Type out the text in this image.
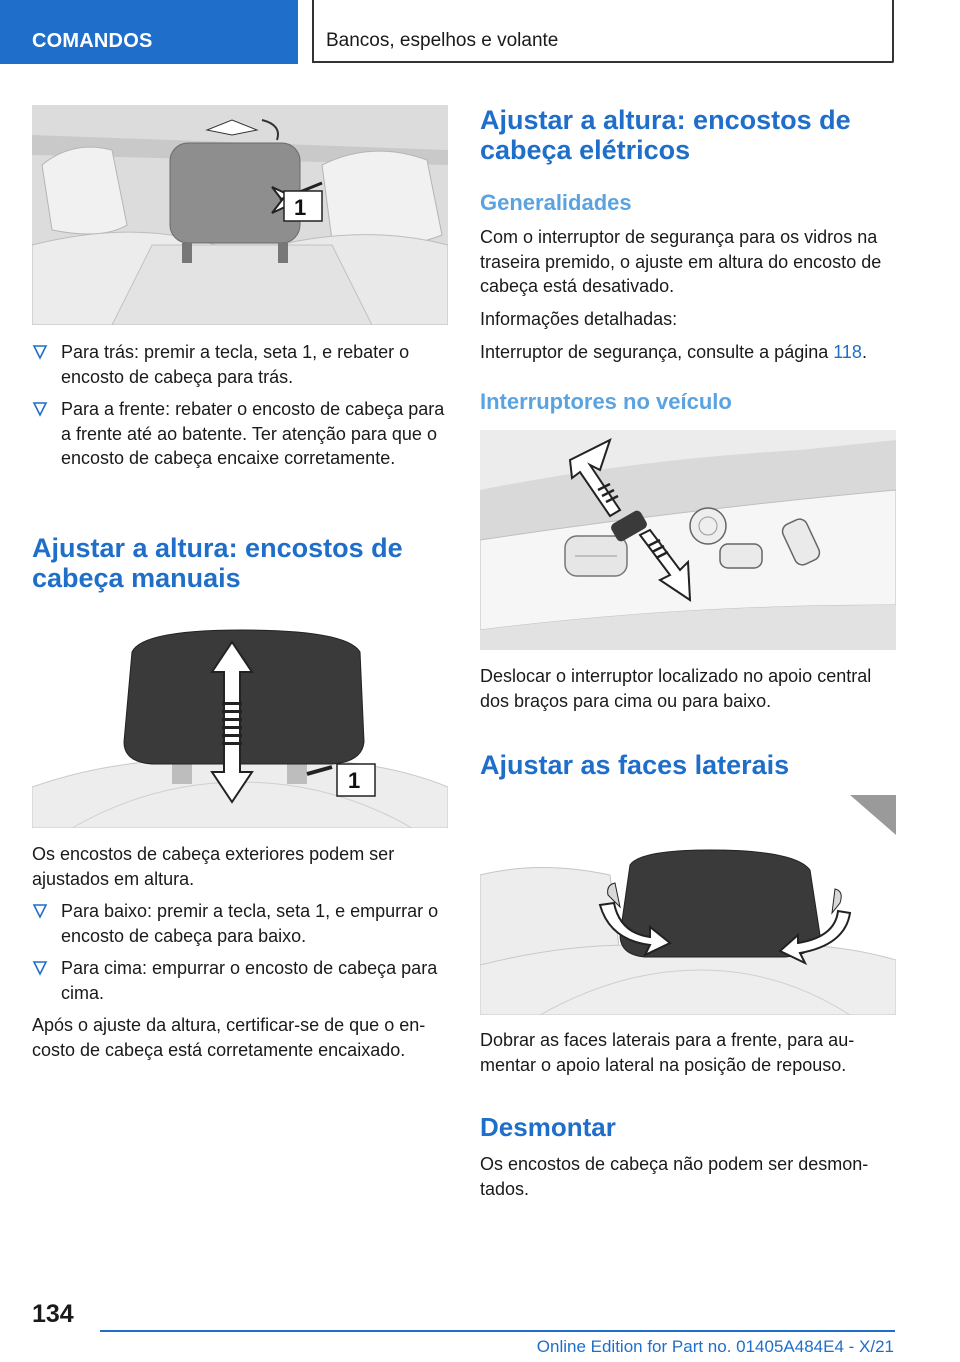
COMANDOS	Bancos, espelhos e volante
1
Para trás: premir a tecla, seta 1, e rebater o encosto de cabeça para trás.
Para a frente: rebater o encosto de cabeça para a frente até ao batente. Ter atenção para que o encosto de cabeça encaixe corretamente.
Ajustar a altura: encostos de cabeça manuais
1

Os encostos de cabeça exteriores podem ser ajustados em altura.

Para baixo: premir a tecla, seta 1, e empurrar o encosto de cabeça para baixo.
Para cima: empurrar o encosto de cabeça para cima.

Após o ajuste da altura, certificar-se de que o encosto de cabeça está corretamente encaixado.

Ajustar a altura: encostos de cabeça elétricos
Generalidades

Com o interruptor de segurança para os vidros na traseira premido, o ajuste em altura do encosto de cabeça está desativado.

Informações detalhadas:

Interruptor de segurança, consulte a página 118.

Interruptores no veículo

Deslocar o interruptor localizado no apoio central dos braços para cima ou para baixo.

Ajustar as faces laterais

Dobrar as faces laterais para a frente, para aumentar o apoio lateral na posição de repouso.

Desmontar

Os encostos de cabeça não podem ser desmontados.

134
Online Edition for Part no. 01405A484E4 - X/21
